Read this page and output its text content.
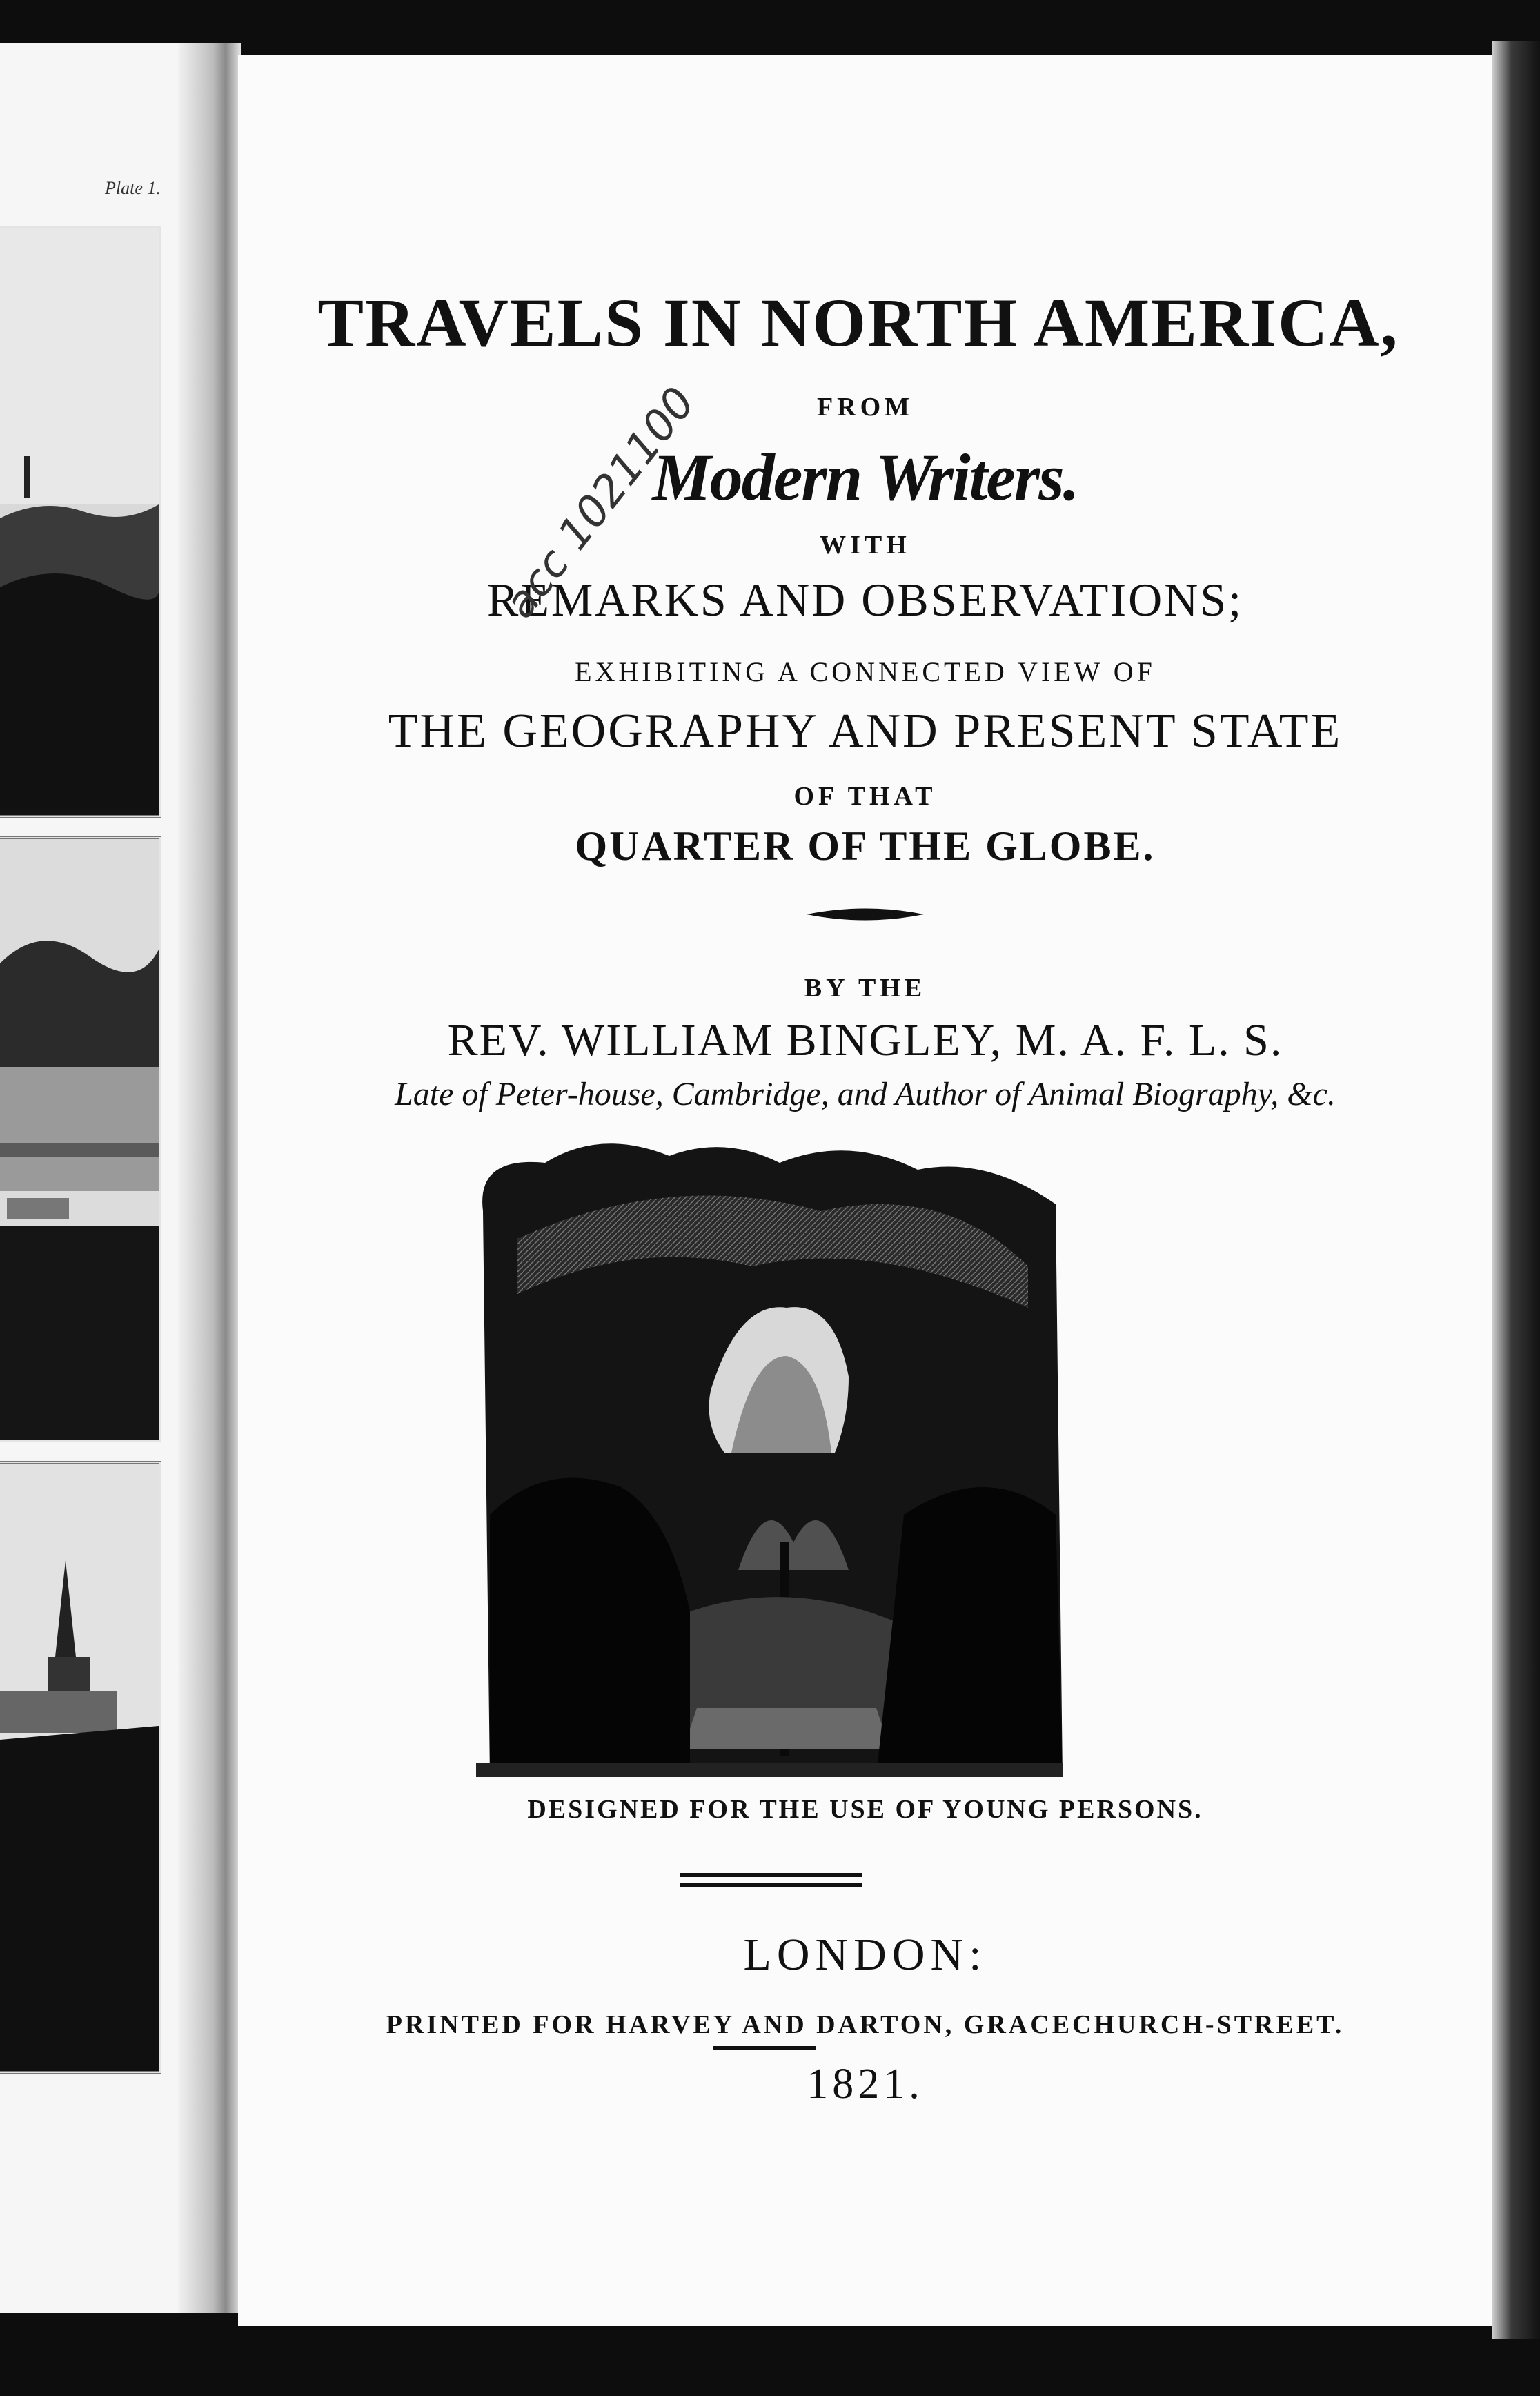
Plate 1.
TRAVELS IN NORTH AMERICA,
FROM
Modern Writers.
WITH
REMARKS AND OBSERVATIONS;
EXHIBITING A CONNECTED VIEW OF
THE GEOGRAPHY AND PRESENT STATE
OF THAT
QUARTER OF THE GLOBE.
BY THE
REV. WILLIAM BINGLEY, M. A. F. L. S.
Late of Peter-house, Cambridge, and Author of Animal Biography, &c.
DESIGNED FOR THE USE OF YOUNG PERSONS.
LONDON:
PRINTED FOR HARVEY AND DARTON, GRACECHURCH-STREET.
1821.
acc 1021100
